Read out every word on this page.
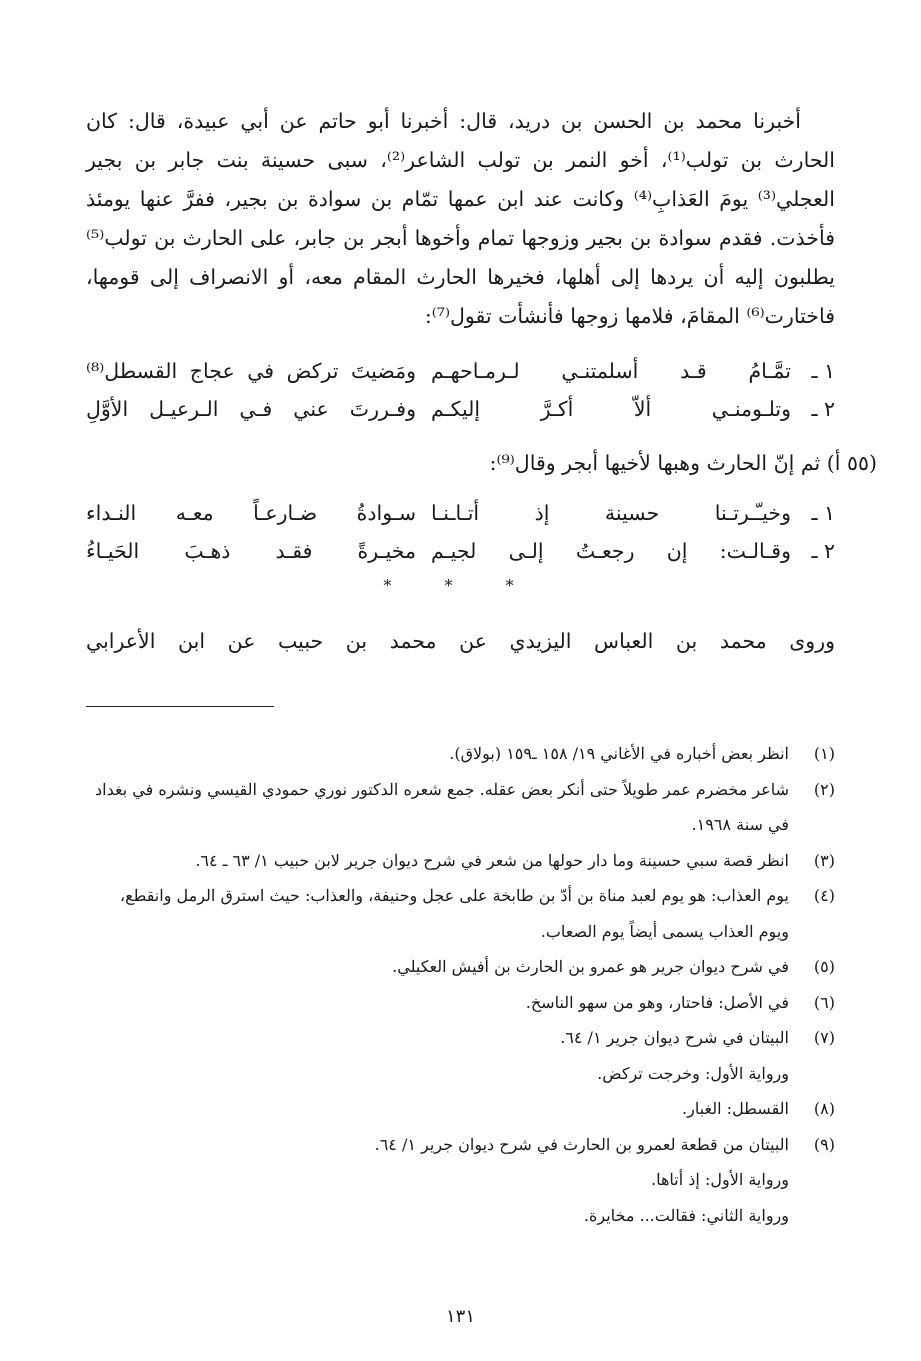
أخبرنا محمد بن الحسن بن دريد، قال: أخبرنا أبو حاتم عن أبي عبيدة، قال: كان الحارث بن تولب⁽¹⁾، أخو النمر بن تولب الشاعر⁽²⁾، سبى حسينة بنت جابر بن بجير العجلي⁽³⁾ يومَ العَذابِ⁽⁴⁾ وكانت عند ابن عمها تمّام بن سوادة بن بجير، ففرَّ عنها يومئذ فأخذت. فقدم سوادة بن بجير وزوجها تمام وأخوها أبجر بن جابر، على الحارث بن تولب⁽⁵⁾ يطلبون إليه أن يردها إلى أهلها، فخيرها الحارث المقام معه، أو الانصراف إلى قومها، فاختارت⁽⁶⁾ المقامَ، فلامها زوجها فأنشأت تقول⁽⁷⁾:

١ ـ
تمَّـامُ قـد أسلمتنـي لـرمـاحهـم
ومَضيتَ تركض في عجاج القسطل⁽⁸⁾
٢ ـ
وتلـومنـي ألاّ أكـرَّ إليكـم
وفـررتَ عني فـي الـرعيـل الأوَّلِ
(٥٥ أ) ثم إنّ الحارث وهبها لأخيها أبجر وقال⁽⁹⁾:
١ ـ
وخيـّـرتـنا حسينة إذ أتـاـنـا
سـوادةُ ضـارعـاً معـه النـداء
٢ ـ
وقـالـت: إن رجعـتُ إلـى لجيـم
مخيـرةً فقـد ذهـبَ الحَيـاءُ
* * *
وروى محمد بن العباس اليزيدي عن محمد بن حبيب عن ابن الأعرابي
(١)
انظر بعض أخباره في الأغاني ١٩/ ١٥٨ ـ١٥٩ (بولاق).
(٢)
شاعر مخضرم عمر طويلاً حتى أنكر بعض عقله. جمع شعره الدكتور نوري حمودي القيسي ونشره في بغداد في سنة ١٩٦٨.
(٣)
انظر قصة سبي حسينة وما دار حولها من شعر في شرح ديوان جرير لابن حبيب ١/ ٦٣ ـ ٦٤.
(٤)
يوم العذاب: هو يوم لعبد مناة بن أدّ بن طابخة على عجل وحنيفة، والعذاب: حيث استرق الرمل وانقطع، ويوم العذاب يسمى أيضاً يوم الصعاب.
(٥)
في شرح ديوان جرير هو عمرو بن الحارث بن أفيش العكيلي.
(٦)
في الأصل: فاحتار، وهو من سهو الناسخ.
(٧)
البيتان في شرح ديوان جرير ١/ ٦٤.
ورواية الأول: وخرجت تركض.
(٨)
القسطل: الغبار.
(٩)
البيتان من قطعة لعمرو بن الحارث في شرح ديوان جرير ١/ ٦٤.
ورواية الأول: إذ أتاها.
ورواية الثاني: فقالت... مخايرة.
١٣١
